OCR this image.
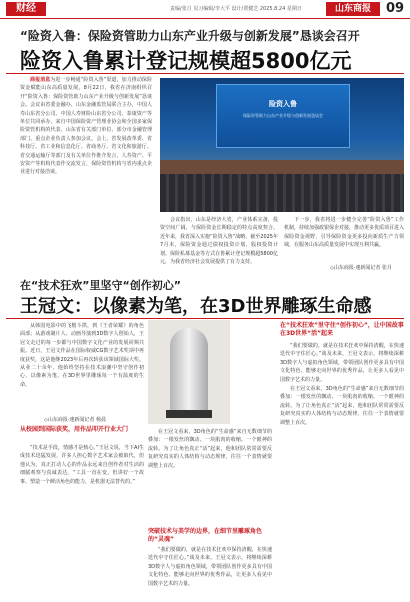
财经	责编/张月 见习编辑/李大平 设计/贾健芝 2025.8.24 星期日	山东商报	09
“险资入鲁：保险资管助力山东产业升级与创新发展”恳谈会召开
险资入鲁累计登记规模超5800亿元

商报消息为进一步畅通“险资入鲁”渠道，加力推动保险资金赋能山东高质量发展，8月22日，我省在济南组织召开“险资入鲁：保险资管助力山东产业升级与创新发展”恳谈会。会议由省委金融办、山东金融监管局联合主办，中国人寿山东省分公司、中国人寿财险山东省分公司、泰康资产等单位共同承办。来自中国保险资产管理业协会和全国多家保险资管机构的代表，山东省有关部门单位、部分市金融管理部门、重点企业负责人参加会议。会上，省发展改革委、省科技厅、省工业和信息化厅、省商务厅、省文化和旅游厅、省交通运输厅等部门及有关单位作推介发言，人寿资产、平安资产等机构代表作交流发言，保险资管机构与省内重点企业进行对接洽谈。

险资入鲁
保险资管助力山东产业升级与创新发展恳谈会

会议指出，山东是经济大省，产业体系完备，投资空间广阔，与保险资金长期稳定的特点高度契合。近年来，我省深入实施“险资入鲁”战略，截至2025年7月末，保险资金通过债权投资计划、股权投资计划、保险私募基金等方式在鲁累计登记规模超5800亿元，为我省经济社会发展提供了有力支持。

下一步，我省将进一步健全完善“险资入鲁”工作机制，持续加强政银保企对接，推动更多优质项目进入保险资金视野，引导保险资金更多投向新质生产力领域，在服务山东高质量发展中实现互利共赢。

◇山东商报·速新闻记者 张月
在“技术狂欢”里坚守“创作初心”
王冠文：以像素为笔，在3D世界雕琢生命感

从韩国电影中的飞檐斗拱，到《王者荣耀》的角色面部；从游戏制片人、动画导演到3D数字人创始人，王冠文走过的每一步都与中国数字文化产业的发展同频共振。近日，王冠文作品在国际权威CG数字艺术奖项中再度获奖，这是他继2023年后再次斩获该领域国际大奖。从业二十余年，他始终坚持在技术浪潮中坚守创作初心，以像素为笔，在3D世界里雕琢每一个有温度的生命。

◇山东商报·速新闻记者 杨晨
从校园到国际获奖，用作品叩开行业大门

“技术是手段，情感才是核心。”王冠文说，当下AI生成技术迅猛发展，许多人担心数字艺术家会被取代，但他认为，真正打动人心的作品永远来自创作者对生活的细腻观察与真诚表达。“工具一直在变，但讲好一个故事、塑造一个鲜活角色的能力，是机器无法替代的。”

在王冠文看来，3D角色的“生命感”来自无数细节的叠加：一根发丝的飘动、一块肌肉的收缩、一个眼神的流转。为了让角色真正“活”起来，他和团队常常需要反复研究真实的人体结构与动态规律，往往一个表情就要调整上百次。

突破技术与美学的边界，在细节里雕琢角色的“灵魂”

“我们要做的，就是在技术狂欢中保持清醒，在快速迭代中守住匠心。”谈及未来，王冠文表示，将继续深耕3D数字人与虚拟角色领域，带领团队创作更多具有中国文化特色、能够走向世界的优秀作品，让更多人看见中国数字艺术的力量。

在“技术狂欢”里守住“创作初心”，让中国故事在3D世界“活”起来

“我们要做的，就是在技术狂欢中保持清醒，在快速迭代中守住匠心。”谈及未来，王冠文表示，将继续深耕3D数字人与虚拟角色领域，带领团队创作更多具有中国文化特色、能够走向世界的优秀作品，让更多人看见中国数字艺术的力量。

在王冠文看来，3D角色的“生命感”来自无数细节的叠加：一根发丝的飘动、一块肌肉的收缩、一个眼神的流转。为了让角色真正“活”起来，他和团队常常需要反复研究真实的人体结构与动态规律，往往一个表情就要调整上百次。
